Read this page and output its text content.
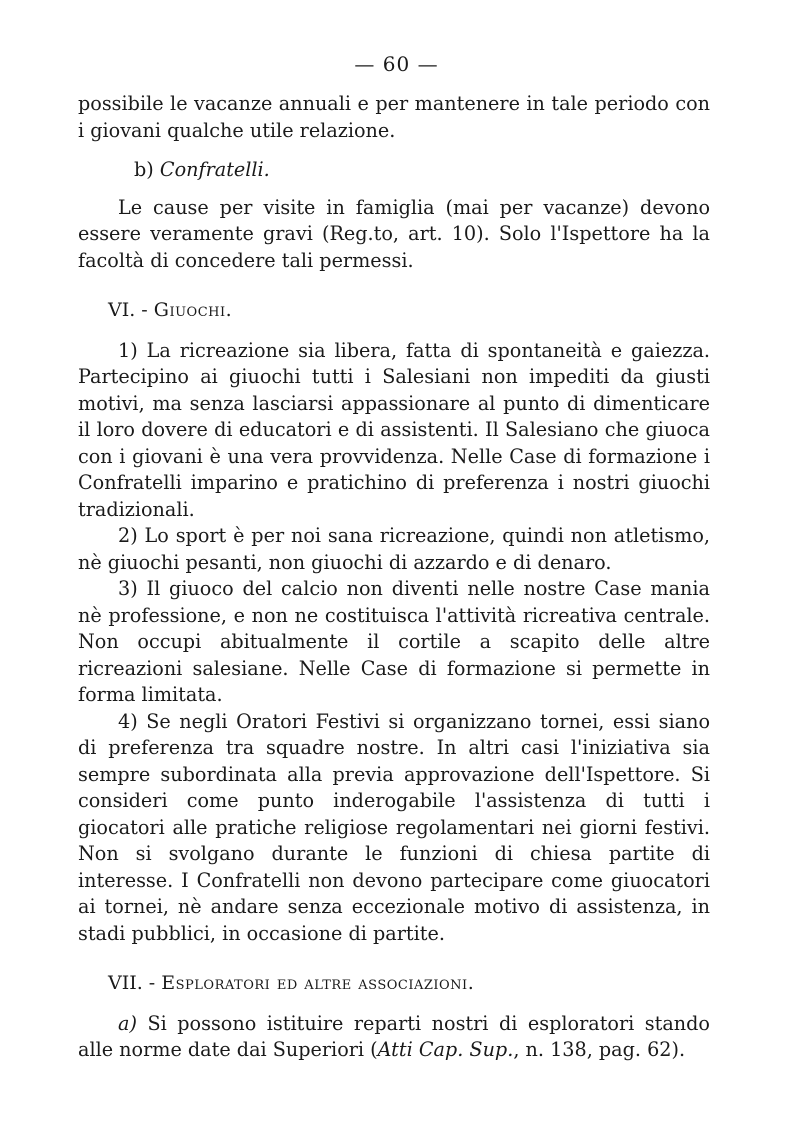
— 60 —

possibile le vacanze annuali e per mantenere in tale periodo con i giovani qualche utile relazione.

b) Confratelli.

Le cause per visite in famiglia (mai per vacanze) devono essere veramente gravi (Reg.to, art. 10). Solo l'Ispettore ha la facoltà di concedere tali permessi.

VI. - Giuochi.

1) La ricreazione sia libera, fatta di spontaneità e gaiezza. Partecipino ai giuochi tutti i Salesiani non impediti da giusti motivi, ma senza lasciarsi appassionare al punto di dimenticare il loro dovere di educatori e di assistenti. Il Salesiano che giuoca con i giovani è una vera provvidenza. Nelle Case di formazione i Confratelli imparino e pratichino di preferenza i nostri giuochi tradizionali.

2) Lo sport è per noi sana ricreazione, quindi non atletismo, nè giuochi pesanti, non giuochi di azzardo e di denaro.

3) Il giuoco del calcio non diventi nelle nostre Case mania nè professione, e non ne costituisca l'attività ricreativa centrale. Non occupi abitualmente il cortile a scapito delle altre ricreazioni salesiane. Nelle Case di formazione si permette in forma limitata.

4) Se negli Oratori Festivi si organizzano tornei, essi siano di preferenza tra squadre nostre. In altri casi l'iniziativa sia sempre subordinata alla previa approvazione dell'Ispettore. Si consideri come punto inderogabile l'assistenza di tutti i giocatori alle pratiche religiose regolamentari nei giorni festivi. Non si svolgano durante le funzioni di chiesa partite di interesse. I Confratelli non devono partecipare come giuocatori ai tornei, nè andare senza eccezionale motivo di assistenza, in stadi pubblici, in occasione di partite.

VII. - Esploratori ed altre associazioni.

a) Si possono istituire reparti nostri di esploratori stando alle norme date dai Superiori (Atti Cap. Sup., n. 138, pag. 62).
